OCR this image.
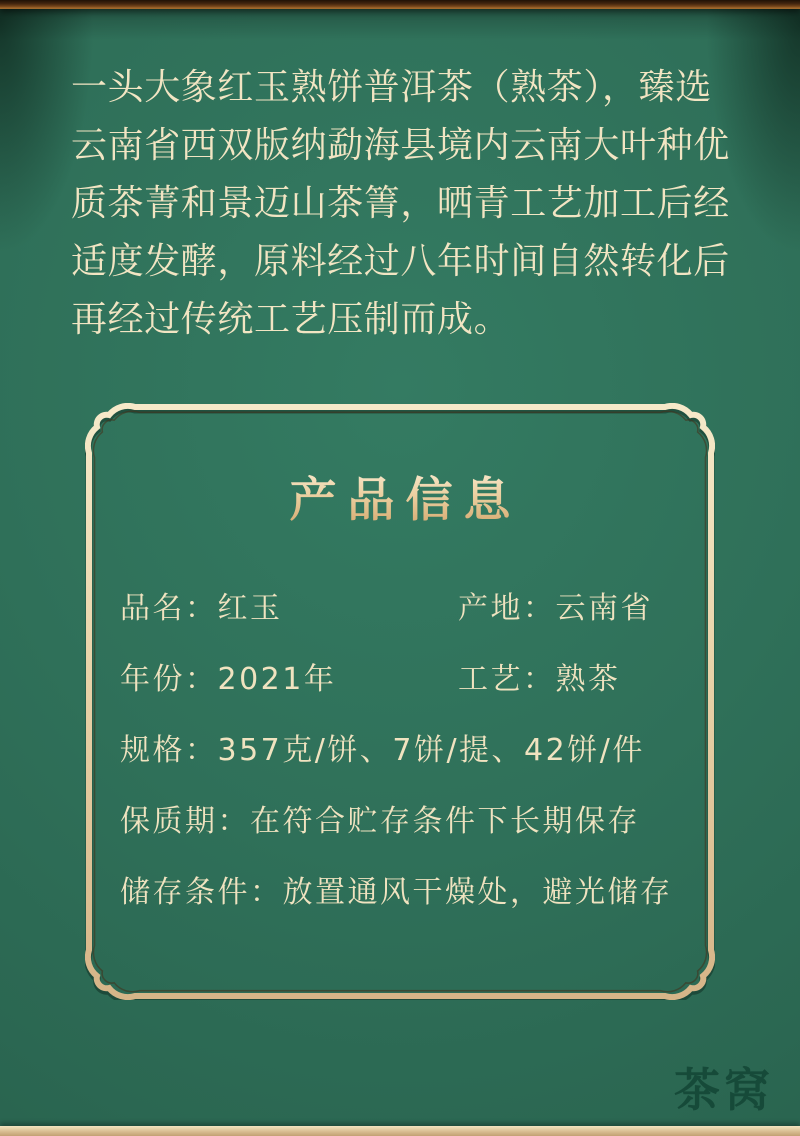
一头大象红玉熟饼普洱茶（熟茶），臻选
云南省西双版纳勐海县境内云南大叶种优
质茶菁和景迈山茶箐，晒青工艺加工后经
适度发酵，原料经过八年时间自然转化后
再经过传统工艺压制而成。
产品信息
品名：红玉	产地：云南省
年份：2021年	工艺：熟茶
规格：357克/饼、7饼/提、42饼/件
保质期：在符合贮存条件下长期保存
储存条件：放置通风干燥处，避光储存
茶窝
